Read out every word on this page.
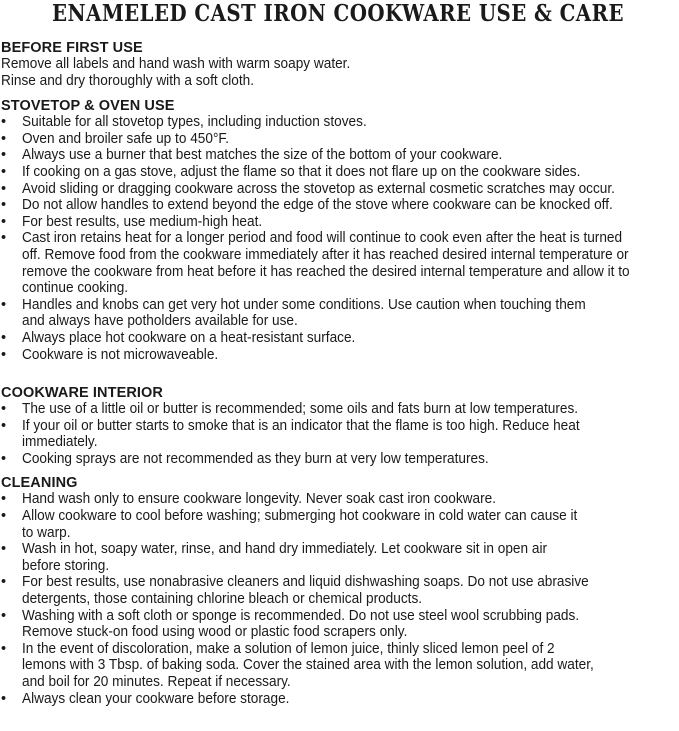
ENAMELED CAST IRON COOKWARE USE & CARE
BEFORE FIRST USE
Remove all labels and hand wash with warm soapy water.
Rinse and dry thoroughly with a soft cloth.
STOVETOP & OVEN USE
•	Suitable for all stovetop types, including induction stoves.
•	Oven and broiler safe up to 450°F.
•	Always use a burner that best matches the size of the bottom of your cookware.
•	If cooking on a gas stove, adjust the flame so that it does not flare up on the cookware sides.
•	Avoid sliding or dragging cookware across the stovetop as external cosmetic scratches may occur.
•	Do not allow handles to extend beyond the edge of the stove where cookware can be knocked off.
•	For best results, use medium-high heat.
•	Cast iron retains heat for a longer period and food will continue to cook even after the heat is turned
off. Remove food from the cookware immediately after it has reached desired internal temperature or
remove the cookware from heat before it has reached the desired internal temperature and allow it to
continue cooking.
•	Handles and knobs can get very hot under some conditions. Use caution when touching them
and always have potholders available for use.
•	Always place hot cookware on a heat-resistant surface.
•	Cookware is not microwaveable.
COOKWARE INTERIOR
•	The use of a little oil or butter is recommended; some oils and fats burn at low temperatures.
•	If your oil or butter starts to smoke that is an indicator that the flame is too high. Reduce heat
immediately.
•	Cooking sprays are not recommended as they burn at very low temperatures.
CLEANING
•	Hand wash only to ensure cookware longevity. Never soak cast iron cookware.
•	Allow cookware to cool before washing; submerging hot cookware in cold water can cause it
to warp.
•	Wash in hot, soapy water, rinse, and hand dry immediately. Let cookware sit in open air
before storing.
•	For best results, use nonabrasive cleaners and liquid dishwashing soaps. Do not use abrasive
detergents, those containing chlorine bleach or chemical products.
•	Washing with a soft cloth or sponge is recommended. Do not use steel wool scrubbing pads.
Remove stuck-on food using wood or plastic food scrapers only.
•	In the event of discoloration, make a solution of lemon juice, thinly sliced lemon peel of 2
lemons with 3 Tbsp. of baking soda. Cover the stained area with the lemon solution, add water,
and boil for 20 minutes. Repeat if necessary.
•	Always clean your cookware before storage.
